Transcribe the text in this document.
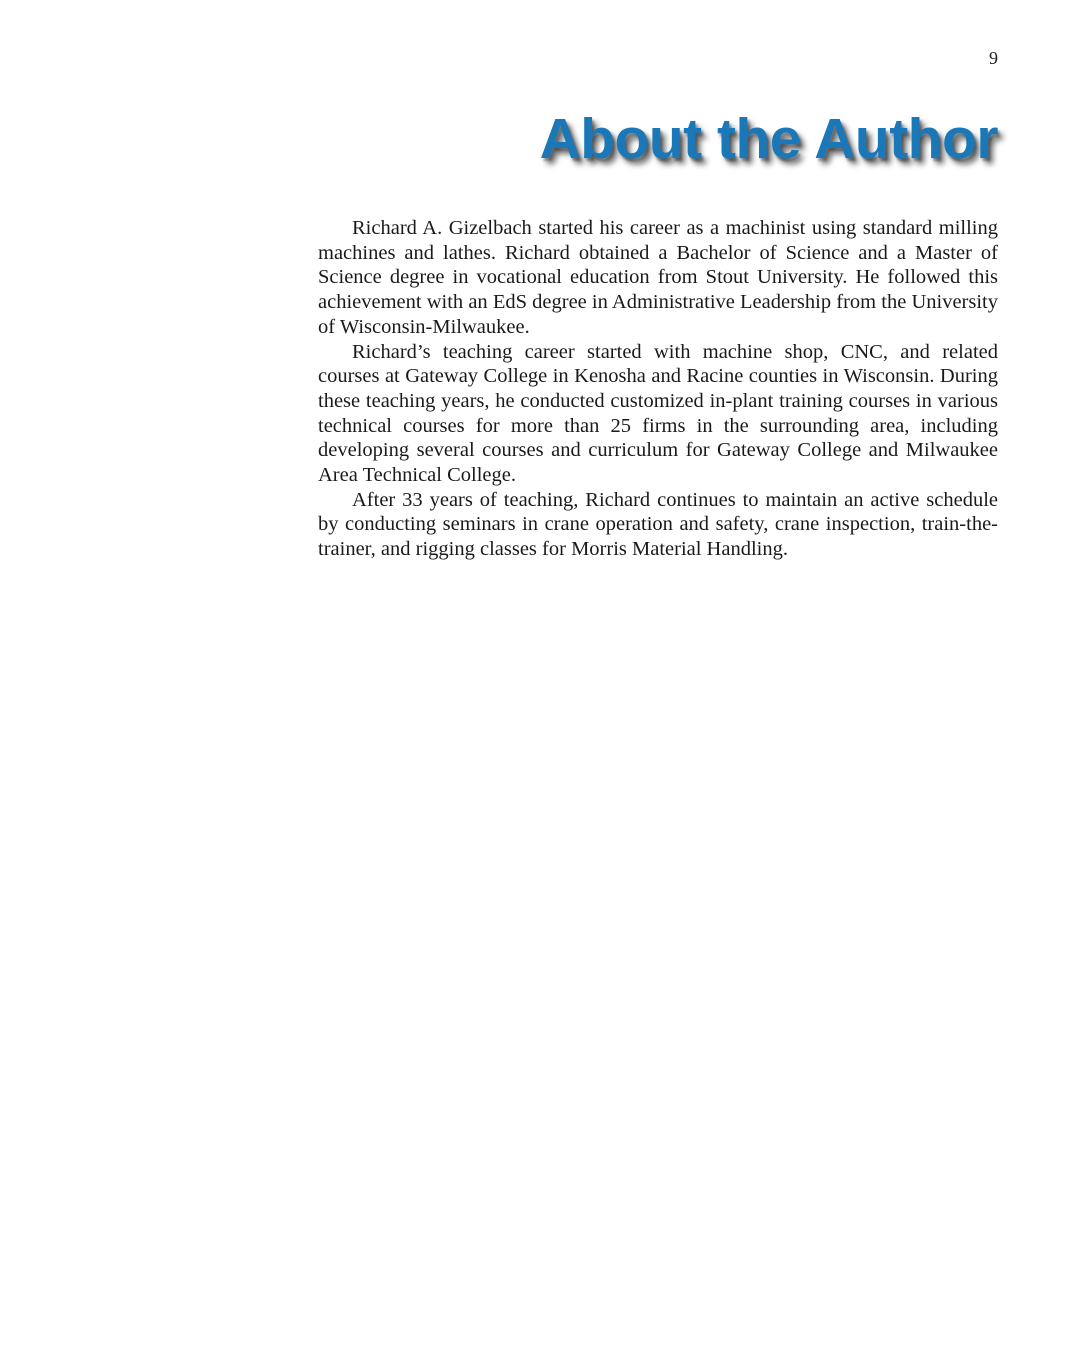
9
About the Author

Richard A. Gizelbach started his career as a machinist using standard milling machines and lathes. Richard obtained a Bachelor of Science and a Master of Science degree in vocational education from Stout University. He followed this achievement with an EdS degree in Administrative Leadership from the University of Wisconsin-Milwaukee.

Richard’s teaching career started with machine shop, CNC, and related courses at Gateway College in Kenosha and Racine counties in Wisconsin. During these teaching years, he conducted customized in-plant training courses in various technical courses for more than 25 firms in the surrounding area, including developing several courses and curriculum for Gateway College and Milwaukee Area Technical College.

After 33 years of teaching, Richard continues to maintain an active schedule by conducting seminars in crane operation and safety, crane inspection, train-the-trainer, and rigging classes for Morris Material Handling.
